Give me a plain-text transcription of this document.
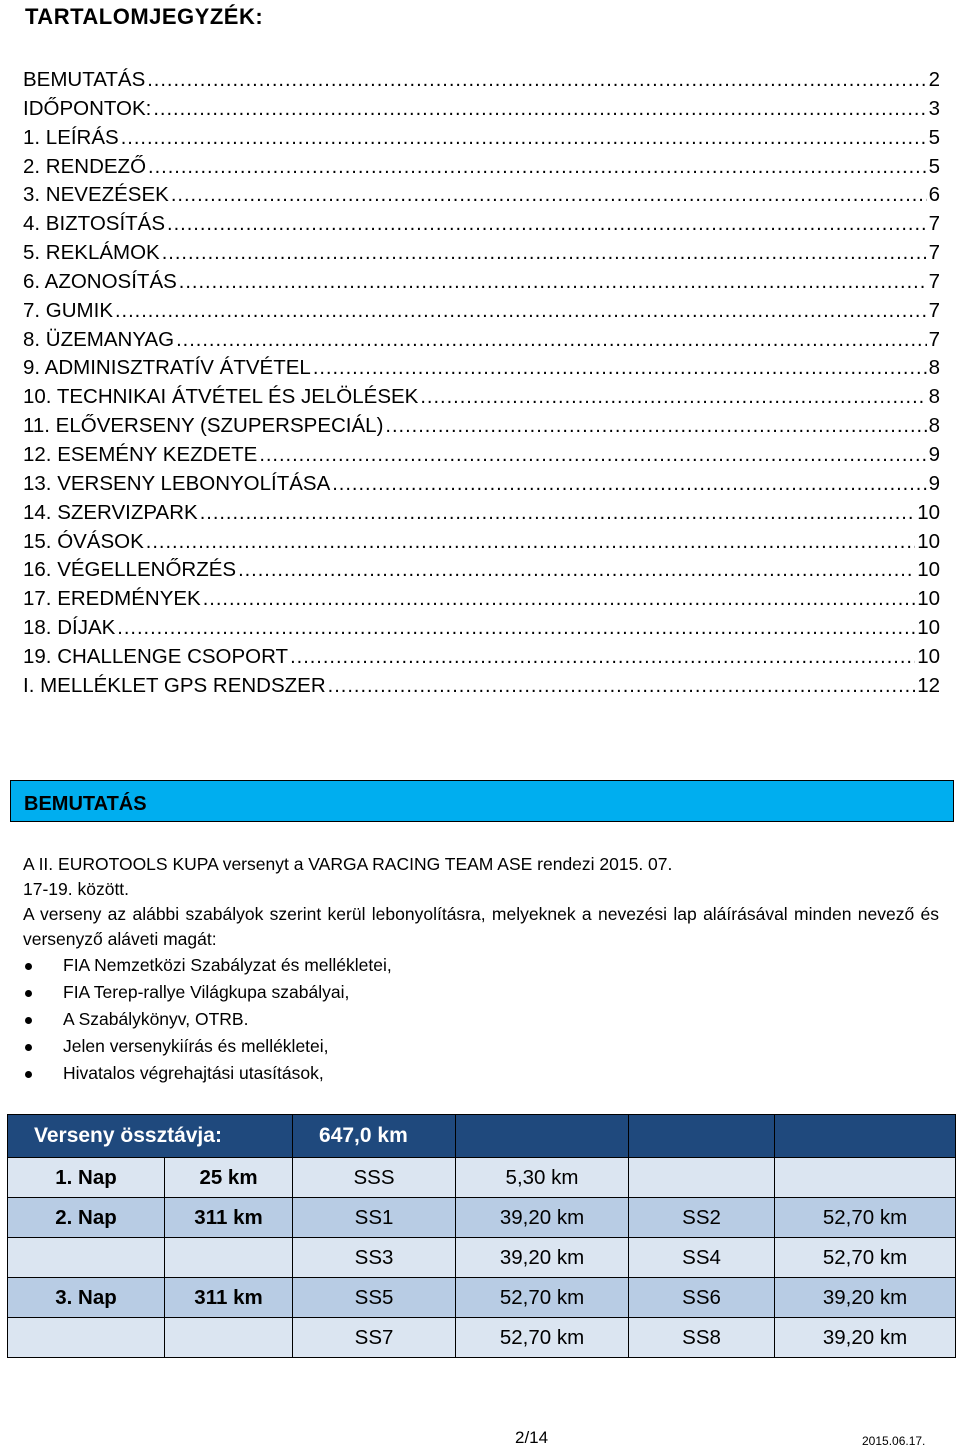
TARTALOMJEGYZÉK:
BEMUTATÁS .....	2
IDŐPONTOK: .....	3
1. LEÍRÁS .....	5
2. RENDEZŐ .....	5
3. NEVEZÉSEK .....	6
4. BIZTOSÍTÁS .....	7
5. REKLÁMOK .....	7
6. AZONOSÍTÁS .....	7
7. GUMIK .....	7
8. ÜZEMANYAG .....	7
9. ADMINISZTRATÍV ÁTVÉTEL .....	8
10. TECHNIKAI ÁTVÉTEL ÉS JELÖLÉSEK .....	8
11. ELŐVERSENY (SZUPERSPECIÁL) .....	8
12. ESEMÉNY KEZDETE .....	9
13. VERSENY LEBONYOLÍTÁSA .....	9
14. SZERVIZPARK .....	10
15. ÓVÁSOK .....	10
16. VÉGELLENŐRZÉS .....	10
17. EREDMÉNYEK .....	10
18. DÍJAK .....	10
19. CHALLENGE CSOPORT .....	10
I. MELLÉKLET GPS RENDSZER .....	12
BEMUTATÁS

A II. EUROTOOLS KUPA versenyt a VARGA RACING TEAM ASE rendezi 2015. 07.

17-19. között.

A verseny az alábbi szabályok szerint kerül lebonyolításra, melyeknek a nevezési lap aláírásával minden nevező és versenyző aláveti magát:

FIA Nemzetközi Szabályzat és mellékletei,
FIA Terep-rallye Világkupa szabályai,
A Szabálykönyv, OTRB.
Jelen versenykiírás és mellékletei,
Hivatalos végrehajtási utasítások,
Verseny össztávja:		647,0 km			
1. Nap	25 km	SSS	5,30 km		
2. Nap	311 km	SS1	39,20 km	SS2	52,70 km
		SS3	39,20 km	SS4	52,70 km
3. Nap	311 km	SS5	52,70 km	SS6	39,20 km
		SS7	52,70 km	SS8	39,20 km
2/14	2015.06.17.
